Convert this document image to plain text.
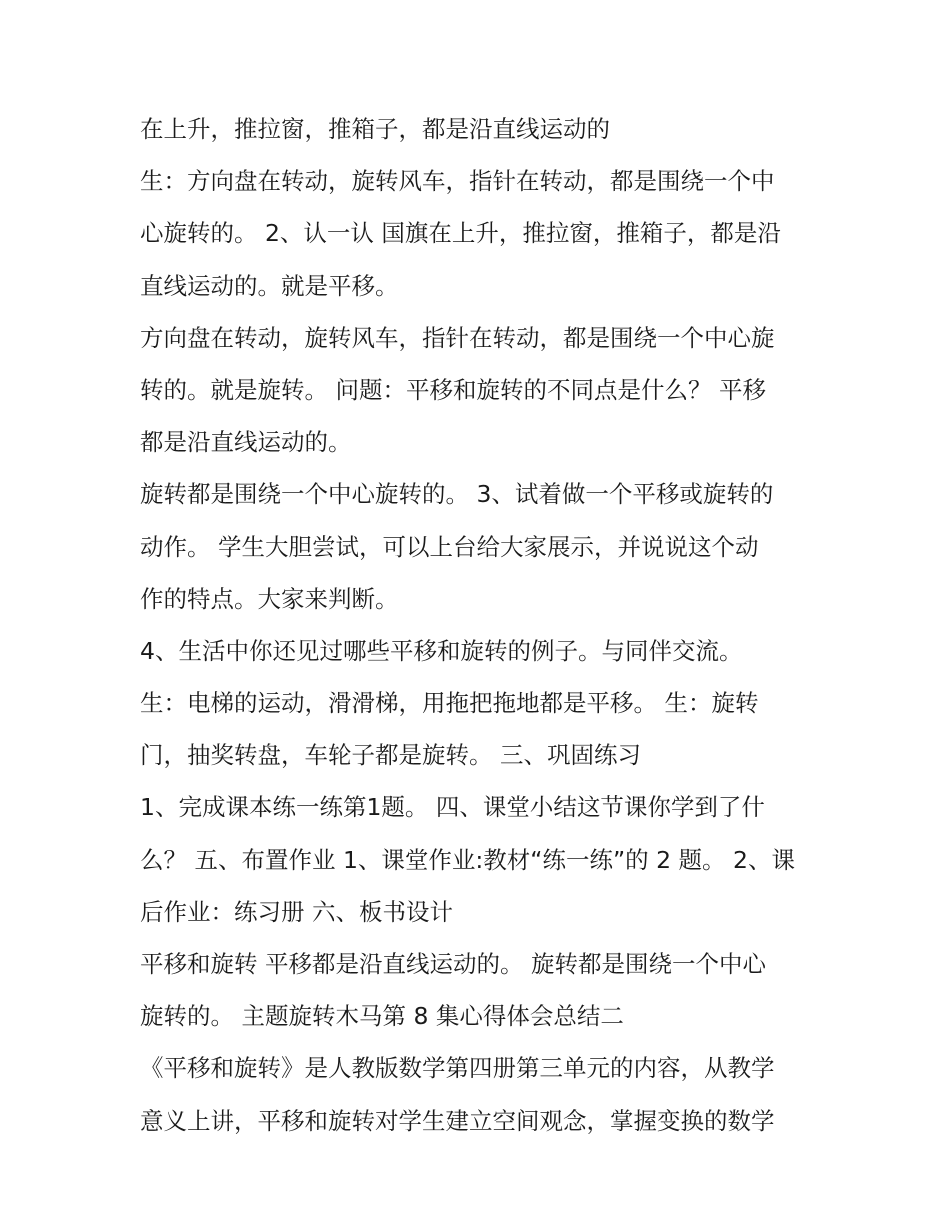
在上升，推拉窗，推箱子，都是沿直线运动的
生：方向盘在转动，旋转风车，指针在转动，都是围绕一个中
心旋转的。 2、认一认 国旗在上升，推拉窗，推箱子，都是沿
直线运动的。就是平移。
方向盘在转动，旋转风车，指针在转动，都是围绕一个中心旋
转的。就是旋转。 问题：平移和旋转的不同点是什么？ 平移
都是沿直线运动的。
旋转都是围绕一个中心旋转的。 3、试着做一个平移或旋转的
动作。 学生大胆尝试，可以上台给大家展示，并说说这个动
作的特点。大家来判断。
4、生活中你还见过哪些平移和旋转的例子。与同伴交流。
生：电梯的运动，滑滑梯，用拖把拖地都是平移。 生：旋转
门，抽奖转盘，车轮子都是旋转。 三、巩固练习
1、完成课本练一练第1题。 四、课堂小结这节课你学到了什
么？ 五、布置作业 1、课堂作业:教材“练一练”的 2 题。 2、课
后作业：练习册 六、板书设计
平移和旋转 平移都是沿直线运动的。 旋转都是围绕一个中心
旋转的。 主题旋转木马第 8 集心得体会总结二
《平移和旋转》是人教版数学第四册第三单元的内容，从教学
意义上讲，平移和旋转对学生建立空间观念，掌握变换的数学
